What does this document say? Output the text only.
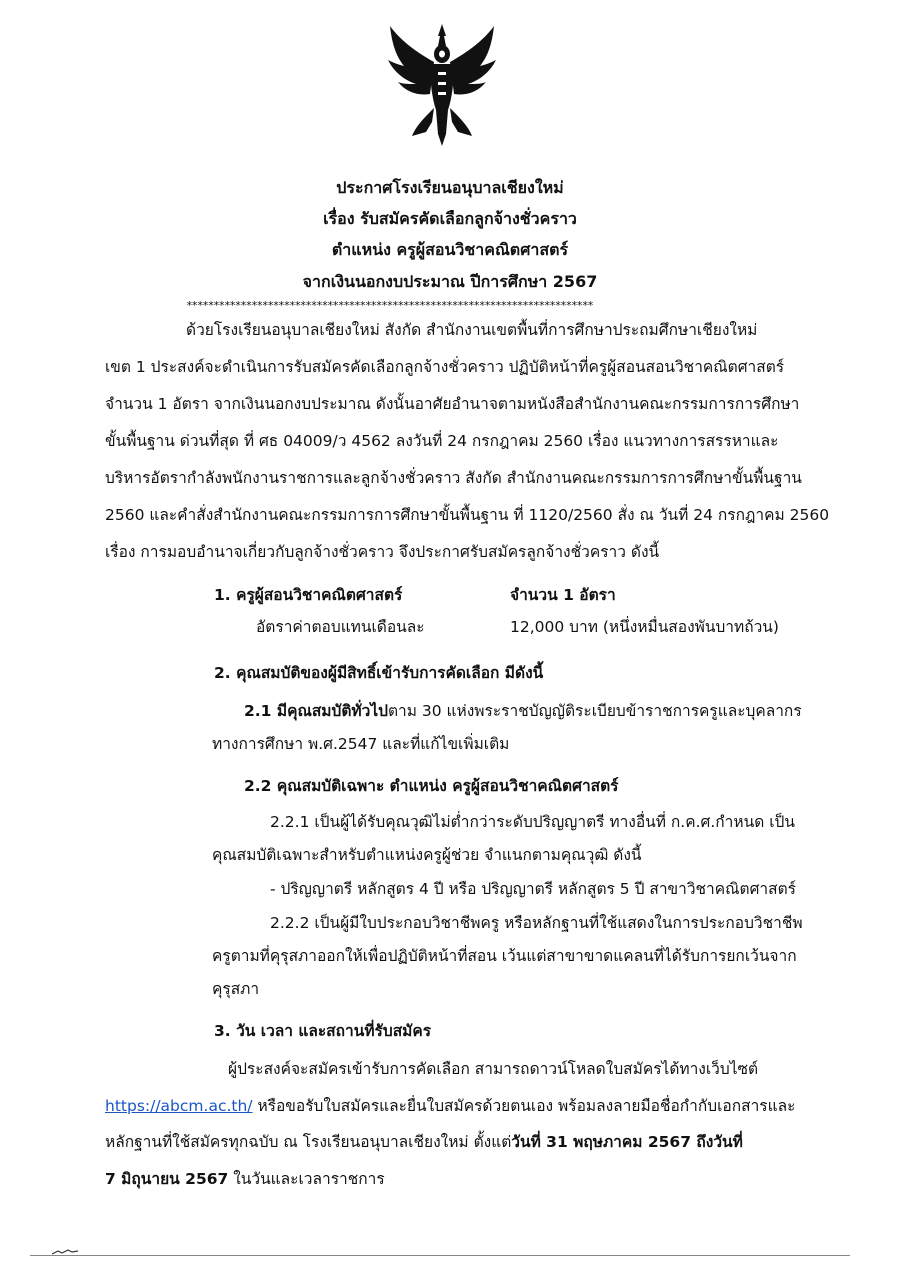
ประกาศโรงเรียนอนุบาลเชียงใหม่
เรื่อง รับสมัครคัดเลือกลูกจ้างชั่วคราว
ตำแหน่ง ครูผู้สอนวิชาคณิตศาสตร์
จากเงินนอกงบประมาณ ปีการศึกษา 2567
***************************************************************************
ด้วยโรงเรียนอนุบาลเชียงใหม่ สังกัด สำนักงานเขตพื้นที่การศึกษาประถมศึกษาเชียงใหม่
เขต 1 ประสงค์จะดำเนินการรับสมัครคัดเลือกลูกจ้างชั่วคราว ปฏิบัติหน้าที่ครูผู้สอนสอนวิชาคณิตศาสตร์
จำนวน 1 อัตรา จากเงินนอกงบประมาณ ดังนั้นอาศัยอำนาจตามหนังสือสำนักงานคณะกรรมการการศึกษา
ขั้นพื้นฐาน ด่วนที่สุด ที่ ศธ 04009/ว 4562 ลงวันที่ 24 กรกฎาคม 2560 เรื่อง แนวทางการสรรหาและ
บริหารอัตรากำลังพนักงานราชการและลูกจ้างชั่วคราว สังกัด สำนักงานคณะกรรมการการศึกษาขั้นพื้นฐาน
2560 และคำสั่งสำนักงานคณะกรรมการการศึกษาขั้นพื้นฐาน ที่ 1120/2560 สั่ง ณ วันที่ 24 กรกฎาคม 2560
เรื่อง การมอบอำนาจเกี่ยวกับลูกจ้างชั่วคราว จึงประกาศรับสมัครลูกจ้างชั่วคราว ดังนี้
1. ครูผู้สอนวิชาคณิตศาสตร์	จำนวน 1 อัตรา
อัตราค่าตอบแทนเดือนละ	12,000 บาท (หนึ่งหมื่นสองพันบาทถ้วน)
2. คุณสมบัติของผู้มีสิทธิ์เข้ารับการคัดเลือก มีดังนี้
2.1 มีคุณสมบัติทั่วไปตาม 30 แห่งพระราชบัญญัติระเบียบข้าราชการครูและบุคลากร
ทางการศึกษา พ.ศ.2547 และที่แก้ไขเพิ่มเติม
2.2 คุณสมบัติเฉพาะ ตำแหน่ง ครูผู้สอนวิชาคณิตศาสตร์
2.2.1 เป็นผู้ได้รับคุณวุฒิไม่ต่ำกว่าระดับปริญญาตรี ทางอื่นที่ ก.ค.ศ.กำหนด เป็น
คุณสมบัติเฉพาะสำหรับตำแหน่งครูผู้ช่วย จำแนกตามคุณวุฒิ ดังนี้
- ปริญญาตรี หลักสูตร 4 ปี หรือ ปริญญาตรี หลักสูตร 5 ปี สาขาวิชาคณิตศาสตร์
2.2.2 เป็นผู้มีใบประกอบวิชาชีพครู หรือหลักฐานที่ใช้แสดงในการประกอบวิชาชีพ
ครูตามที่คุรุสภาออกให้เพื่อปฏิบัติหน้าที่สอน เว้นแต่สาขาขาดแคลนที่ได้รับการยกเว้นจาก
คุรุสภา
3. วัน เวลา และสถานที่รับสมัคร
ผู้ประสงค์จะสมัครเข้ารับการคัดเลือก สามารถดาวน์โหลดใบสมัครได้ทางเว็บไซต์
https://abcm.ac.th/ หรือขอรับใบสมัครและยื่นใบสมัครด้วยตนเอง พร้อมลงลายมือชื่อกำกับเอกสารและ
หลักฐานที่ใช้สมัครทุกฉบับ ณ โรงเรียนอนุบาลเชียงใหม่ ตั้งแต่วันที่ 31 พฤษภาคม 2567 ถึงวันที่
7 มิถุนายน 2567 ในวันและเวลาราชการ
